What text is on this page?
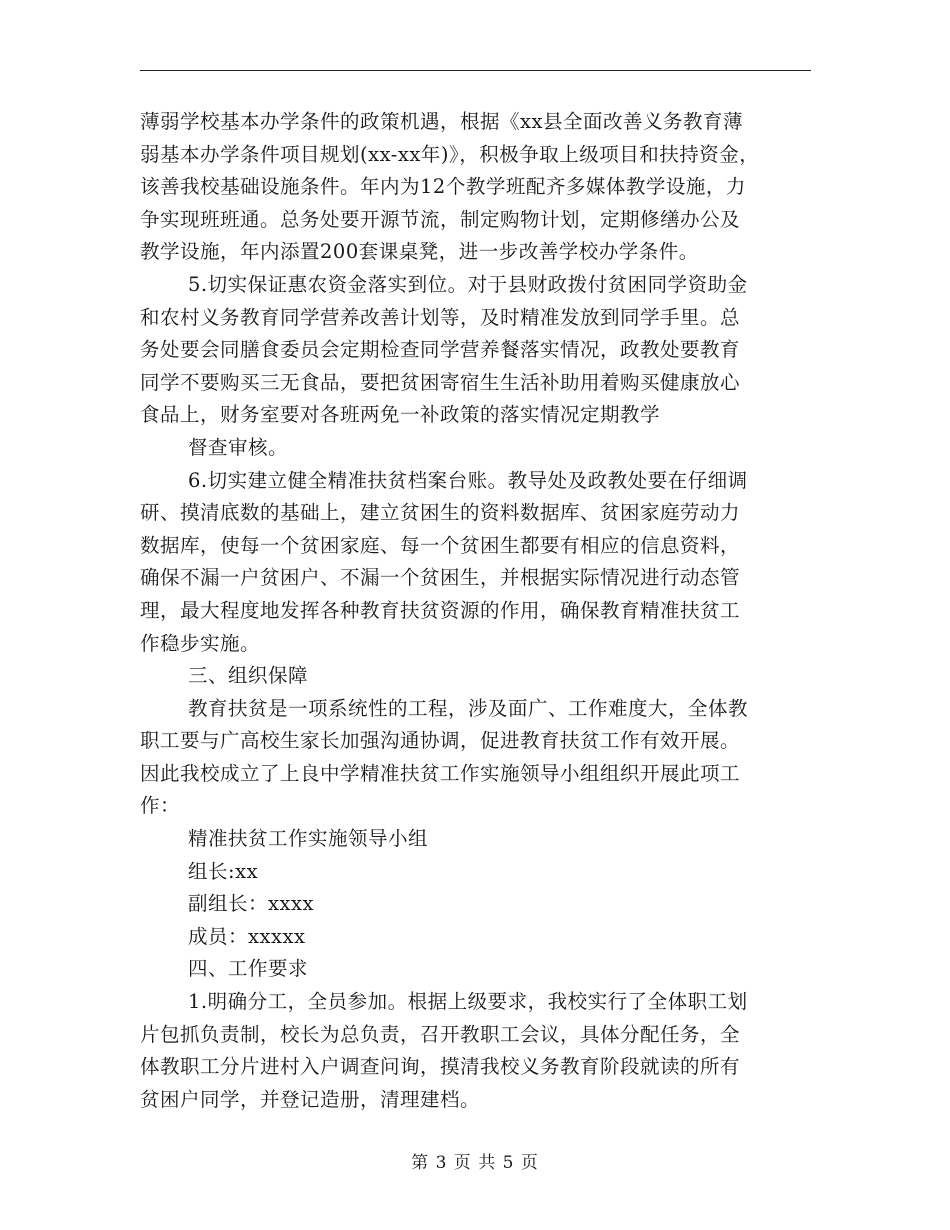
薄弱学校基本办学条件的政策机遇，根据《xx县全面改善义务教育薄
弱基本办学条件项目规划(xx-xx年)》，积极争取上级项目和扶持资金，
该善我校基础设施条件。年内为12个教学班配齐多媒体教学设施，力
争实现班班通。总务处要开源节流，制定购物计划，定期修缮办公及
教学设施，年内添置200套课桌凳，进一步改善学校办学条件。
5.切实保证惠农资金落实到位。对于县财政拨付贫困同学资助金
和农村义务教育同学营养改善计划等，及时精准发放到同学手里。总
务处要会同膳食委员会定期检查同学营养餐落实情况，政教处要教育
同学不要购买三无食品，要把贫困寄宿生生活补助用着购买健康放心
食品上，财务室要对各班两免一补政策的落实情况定期教学
督查审核。
6.切实建立健全精准扶贫档案台账。教导处及政教处要在仔细调
研、摸清底数的基础上，建立贫困生的资料数据库、贫困家庭劳动力
数据库，使每一个贫困家庭、每一个贫困生都要有相应的信息资料，
确保不漏一户贫困户、不漏一个贫困生，并根据实际情况进行动态管
理，最大程度地发挥各种教育扶贫资源的作用，确保教育精准扶贫工
作稳步实施。
三、组织保障
教育扶贫是一项系统性的工程，涉及面广、工作难度大，全体教
职工要与广高校生家长加强沟通协调，促进教育扶贫工作有效开展。
因此我校成立了上良中学精准扶贫工作实施领导小组组织开展此项工
作：
精准扶贫工作实施领导小组
组长:xx
副组长：xxxx
成员：xxxxx
四、工作要求
1.明确分工，全员参加。根据上级要求，我校实行了全体职工划
片包抓负责制，校长为总负责，召开教职工会议，具体分配任务，全
体教职工分片进村入户调查问询，摸清我校义务教育阶段就读的所有
贫困户同学，并登记造册，清理建档。
第 3 页 共 5 页
